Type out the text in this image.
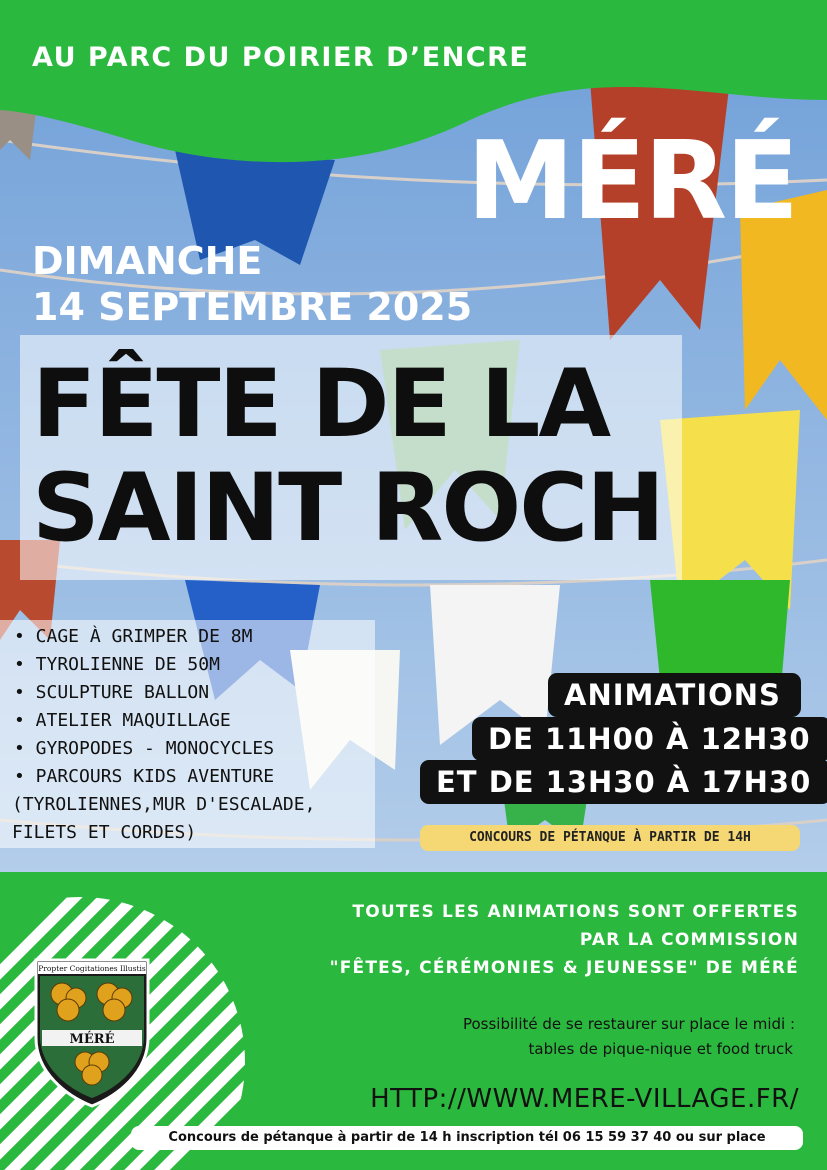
AU PARC DU POIRIER D’ENCRE
MÉRÉ
DIMANCHE
14 SEPTEMBRE 2025
FÊTE DE LA
SAINT ROCH
• CAGE À GRIMPER DE 8M
• TYROLIENNE DE 50M
• SCULPTURE BALLON
• ATELIER MAQUILLAGE
• GYROPODES - MONOCYCLES
• PARCOURS KIDS AVENTURE
(TYROLIENNES,MUR D'ESCALADE,
FILETS ET CORDES)
ANIMATIONS
DE 11H00 À 12H30
ET DE 13H30 À 17H30
CONCOURS DE PÉTANQUE À PARTIR DE 14H
Propter Cogitationes Illustis
MÉRÉ
TOUTES LES ANIMATIONS SONT OFFERTES
PAR LA COMMISSION
"FÊTES, CÉRÉMONIES & JEUNESSE" DE MÉRÉ
Possibilité de se restaurer sur place le midi :
tables de pique-nique et food truck
HTTP://WWW.MERE-VILLAGE.FR/
Concours de pétanque à partir de 14 h inscription tél 06 15 59 37 40 ou sur place
